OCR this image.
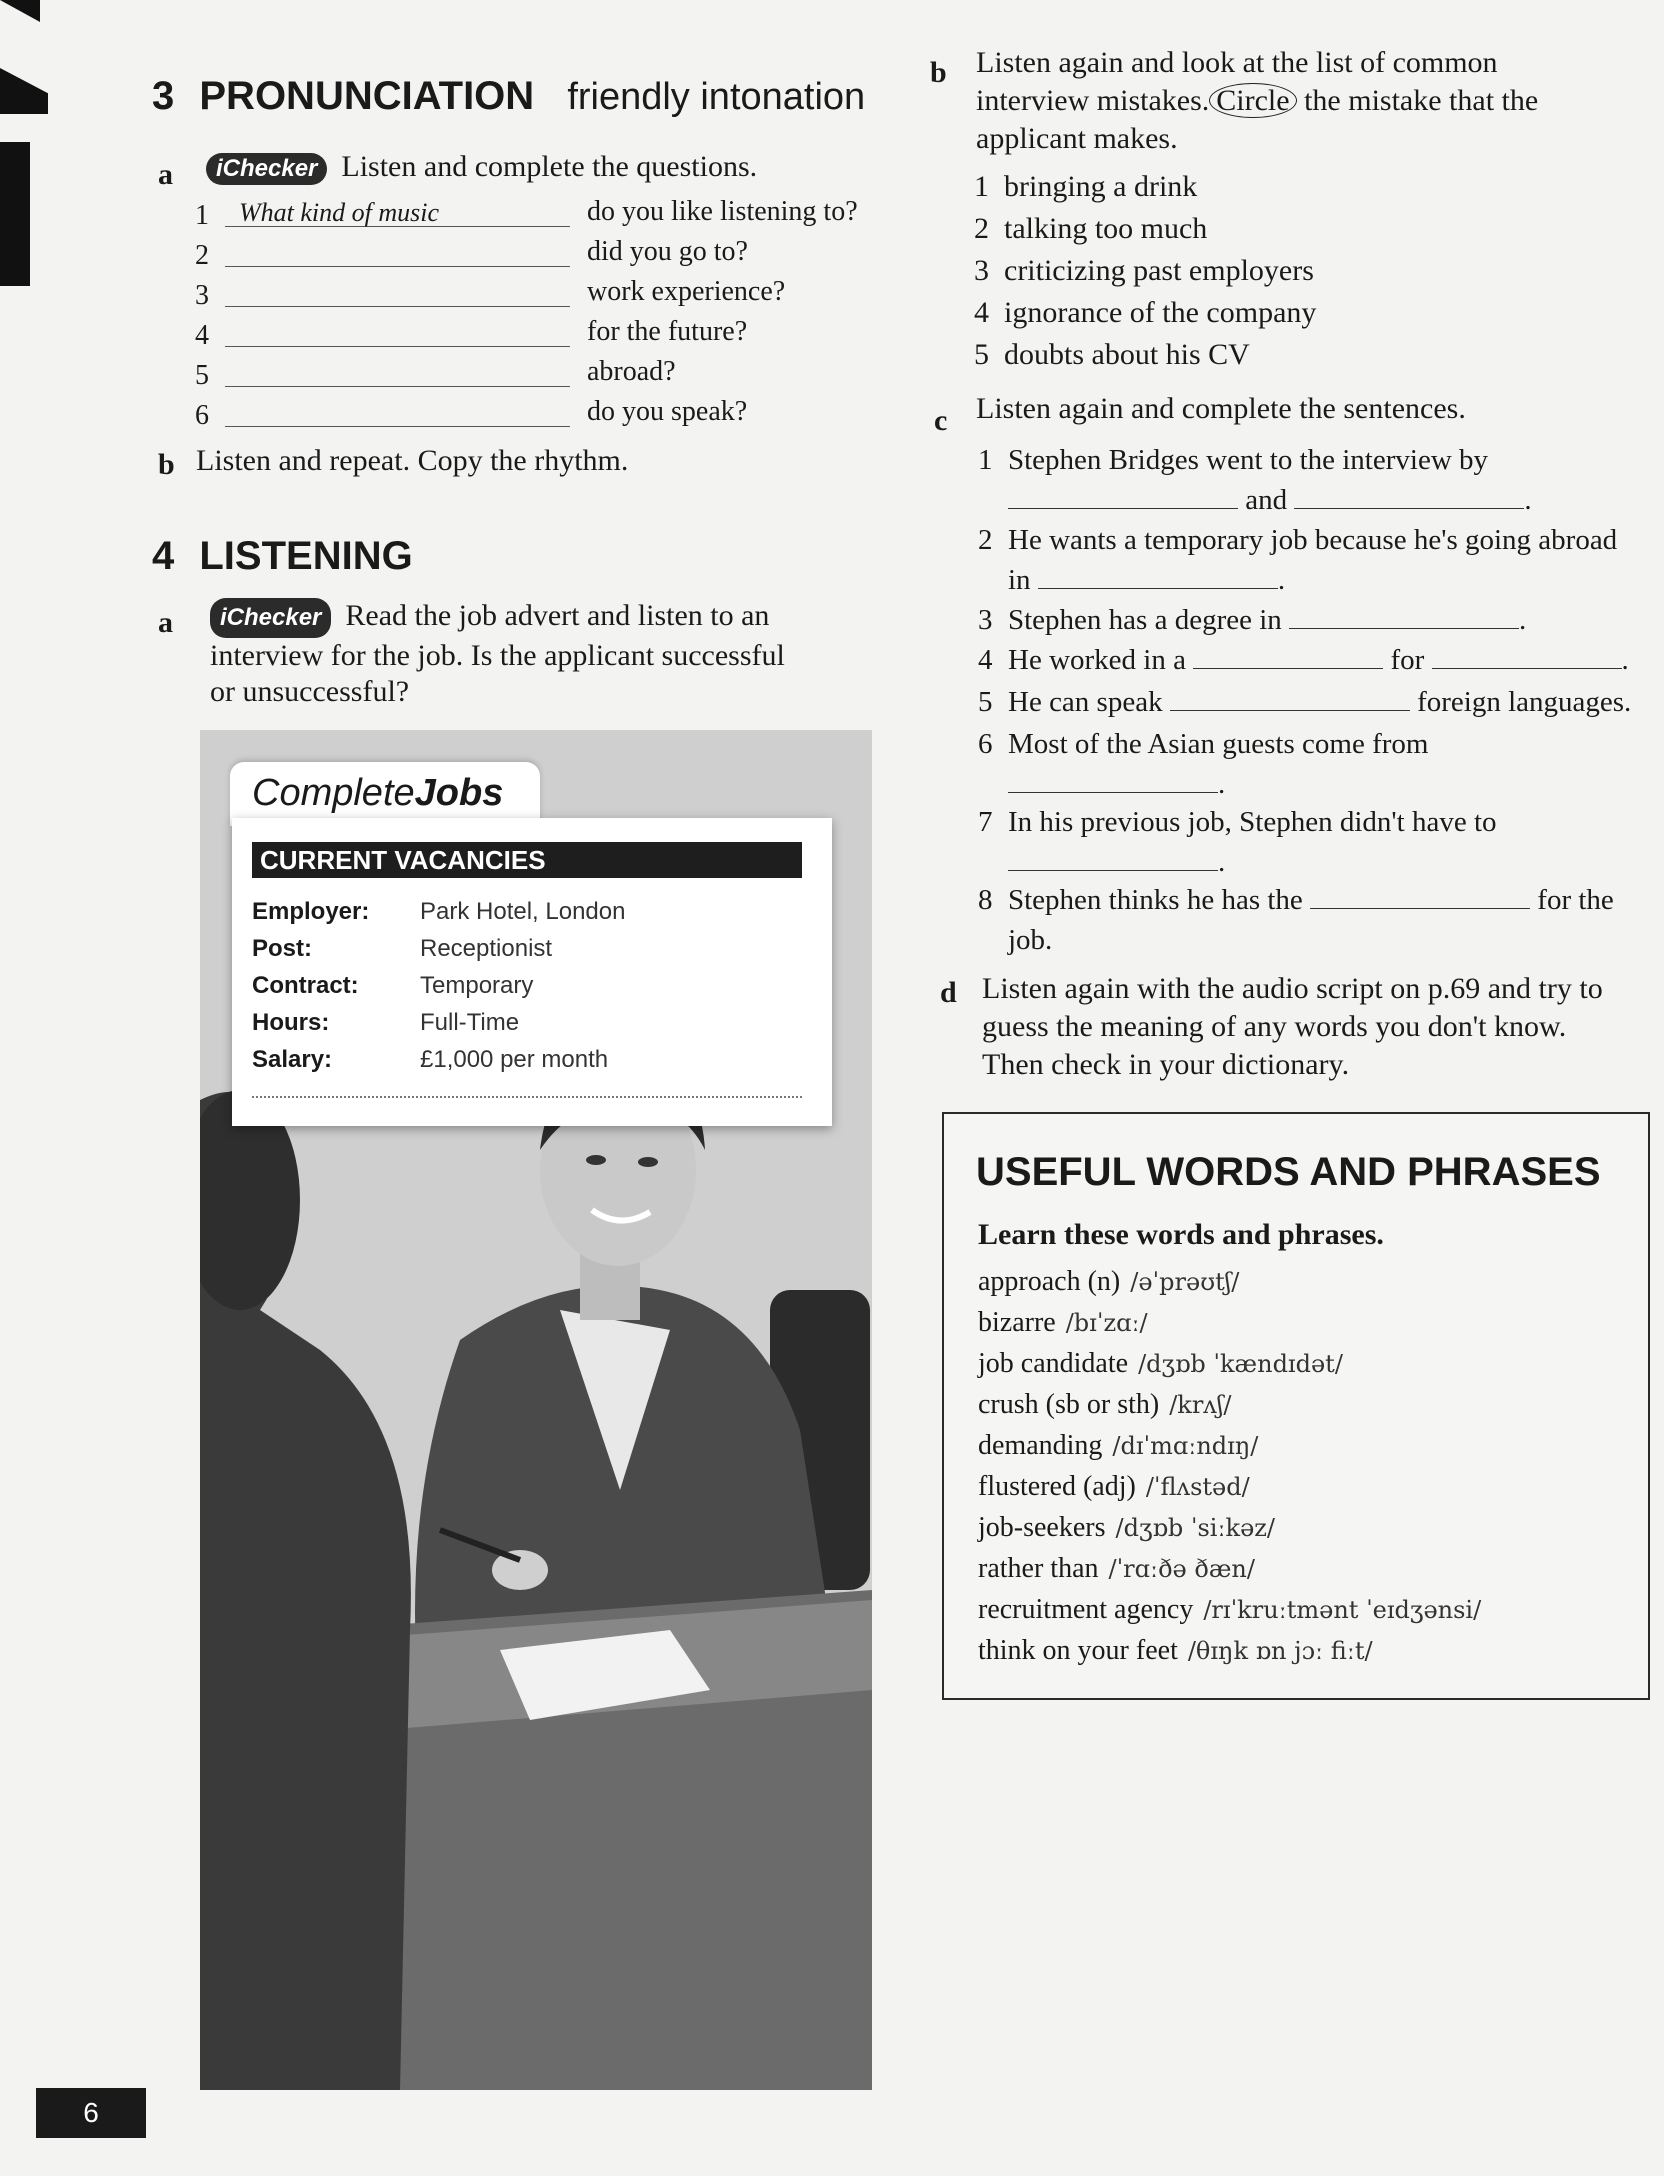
3 PRONUNCIATION friendly intonation
a	iChecker Listen and complete the questions.
1 What kind of music	do you like listening to?
2	did you go to?
3	work experience?
4	for the future?
5	abroad?
6	do you speak?
b Listen and repeat. Copy the rhythm.
4 LISTENING
a	iChecker Read the job advert and listen to an
interview for the job. Is the applicant successful
or unsuccessful?
CompleteJobs
CURRENT VACANCIES
Employer:	Park Hotel, London
Post:	Receptionist
Contract:	Temporary
Hours:	Full-Time
Salary:	£1,000 per month
b Listen again and look at the list of common
interview mistakes. Circle the mistake that the
applicant makes.
1 bringing a drink
2 talking too much
3 criticizing past employers
4 ignorance of the company
5 doubts about his CV
c Listen again and complete the sentences.
1 Stephen Bridges went to the interview by
and	.
2 He wants a temporary job because he's going abroad
in	.
3 Stephen has a degree in	.
4 He worked in a	for	.
5 He can speak	foreign languages.
6 Most of the Asian guests come from
.
7 In his previous job, Stephen didn't have to
.
8 Stephen thinks he has the	for the
job.
d Listen again with the audio script on p.69 and try to
guess the meaning of any words you don't know.
Then check in your dictionary.
USEFUL WORDS AND PHRASES
Learn these words and phrases.
approach (n) /əˈprəʊtʃ/
bizarre /bɪˈzɑː/
job candidate /dʒɒb ˈkændɪdət/
crush (sb or sth) /krʌʃ/
demanding /dɪˈmɑːndɪŋ/
flustered (adj) /ˈflʌstəd/
job-seekers /dʒɒb ˈsiːkəz/
rather than /ˈrɑːðə ðæn/
recruitment agency /rɪˈkruːtmənt ˈeɪdʒənsi/
think on your feet /θɪŋk ɒn jɔː fiːt/
6
